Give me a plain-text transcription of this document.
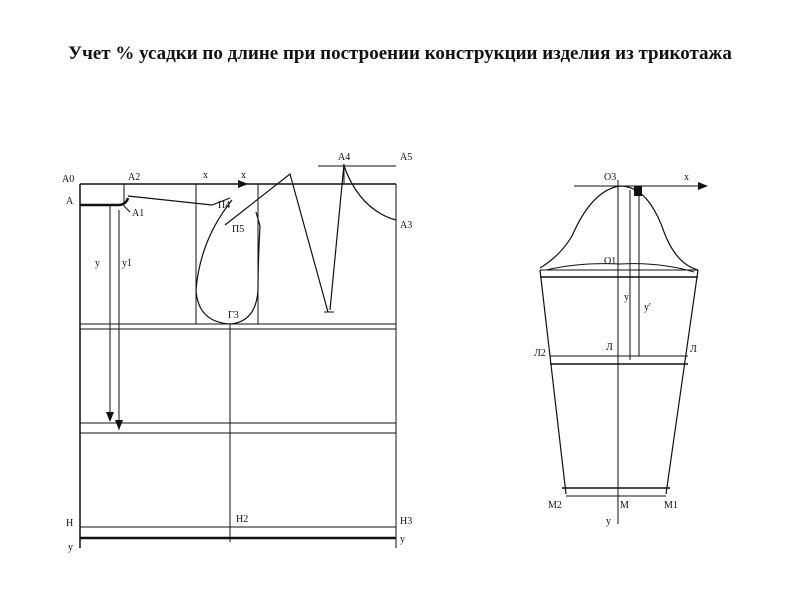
Учет % усадки по длине при построении конструкции изделия из трикотажа
А0
А
А2
А1
х	х
П4
П5
Г3
А4	А5
А3
у у1
Н	Н2	Н3
у
у
О3	х
О1
у
у'
Л2
Л	Л
М2	М	М1
у
